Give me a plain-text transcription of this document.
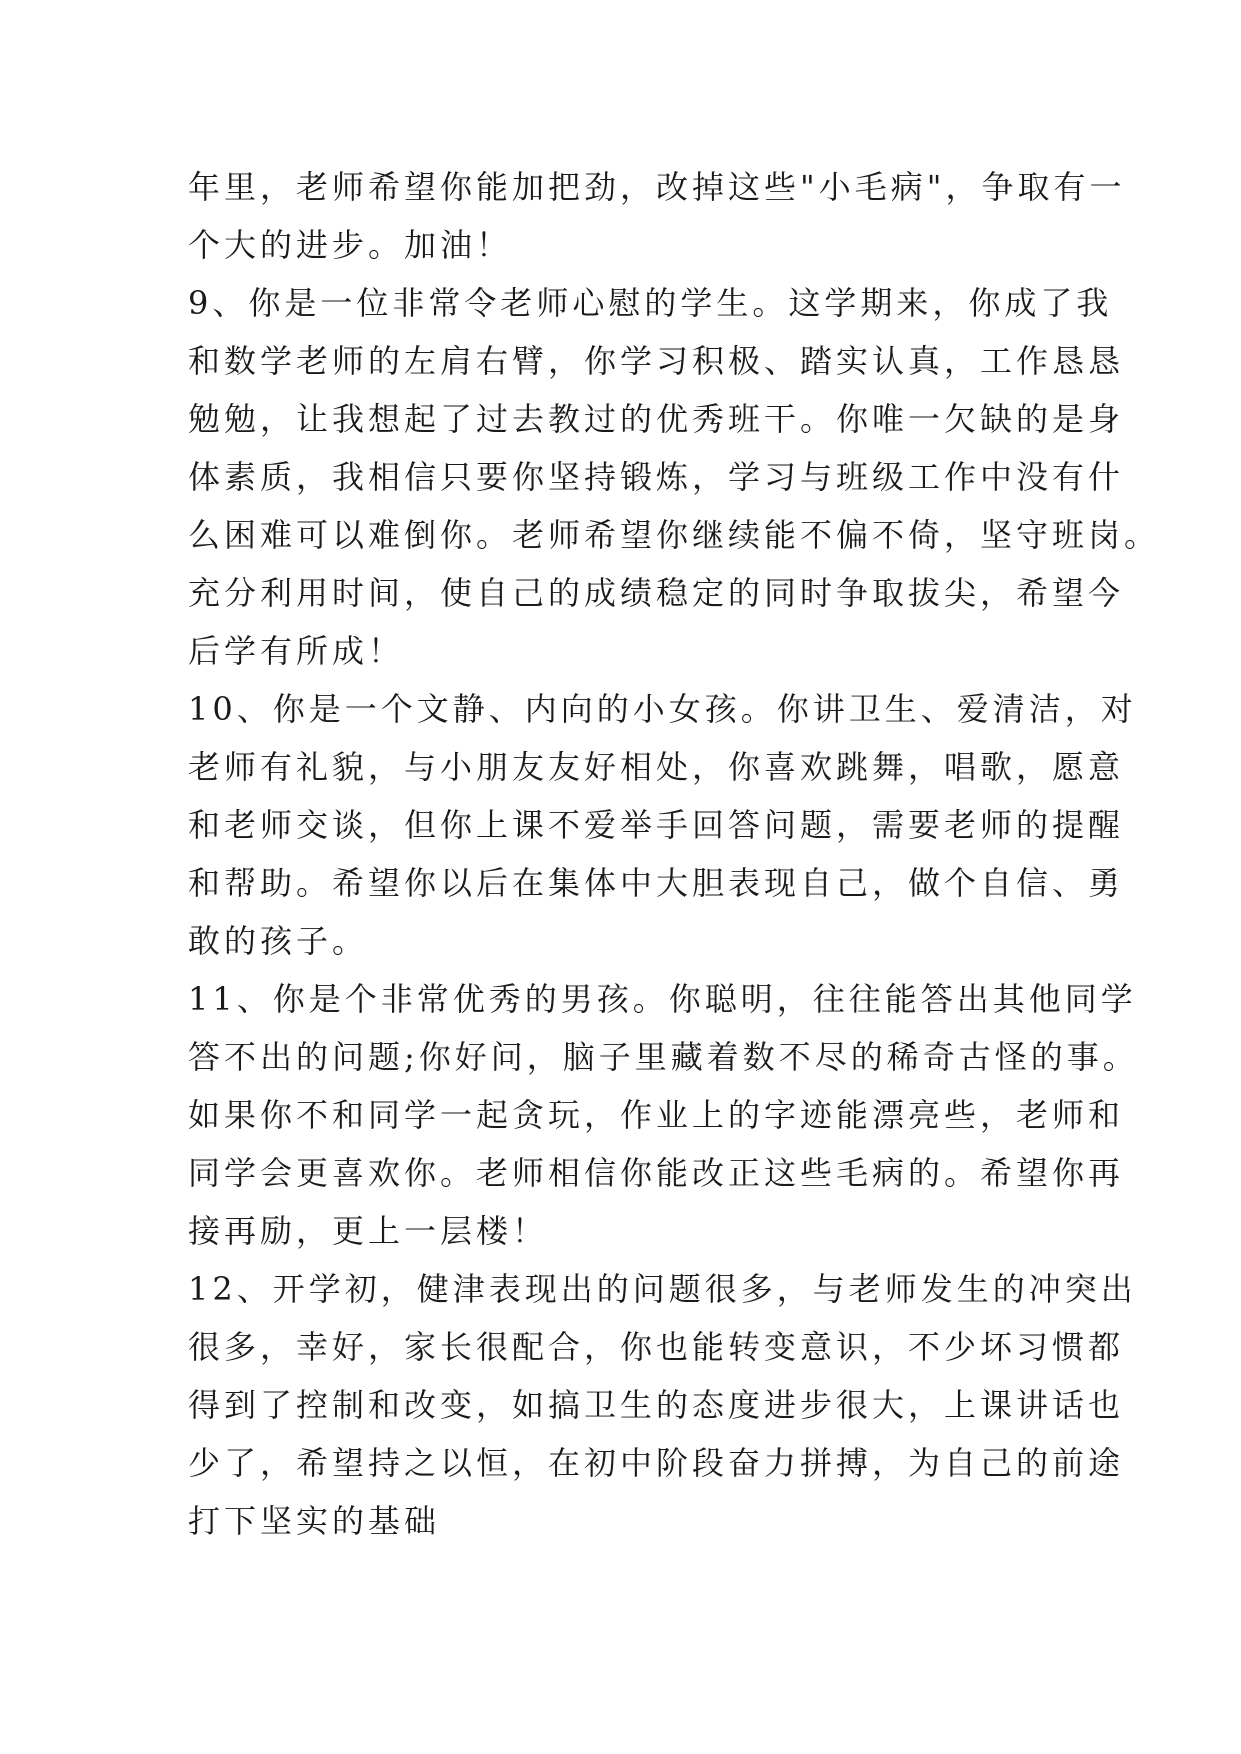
年里，老师希望你能加把劲，改掉这些"小毛病"，争取有一
个大的进步。加油！
9、你是一位非常令老师心慰的学生。这学期来，你成了我
和数学老师的左肩右臂，你学习积极、踏实认真，工作恳恳
勉勉，让我想起了过去教过的优秀班干。你唯一欠缺的是身
体素质，我相信只要你坚持锻炼，学习与班级工作中没有什
么困难可以难倒你。老师希望你继续能不偏不倚，坚守班岗。
充分利用时间，使自己的成绩稳定的同时争取拔尖，希望今
后学有所成！
10、你是一个文静、内向的小女孩。你讲卫生、爱清洁，对
老师有礼貌，与小朋友友好相处，你喜欢跳舞，唱歌，愿意
和老师交谈，但你上课不爱举手回答问题，需要老师的提醒
和帮助。希望你以后在集体中大胆表现自己，做个自信、勇
敢的孩子。
11、你是个非常优秀的男孩。你聪明，往往能答出其他同学
答不出的问题;你好问，脑子里藏着数不尽的稀奇古怪的事。
如果你不和同学一起贪玩，作业上的字迹能漂亮些，老师和
同学会更喜欢你。老师相信你能改正这些毛病的。希望你再
接再励，更上一层楼！
12、开学初，健津表现出的问题很多，与老师发生的冲突出
很多，幸好，家长很配合，你也能转变意识，不少坏习惯都
得到了控制和改变，如搞卫生的态度进步很大，上课讲话也
少了，希望持之以恒，在初中阶段奋力拼搏，为自己的前途
打下坚实的基础
